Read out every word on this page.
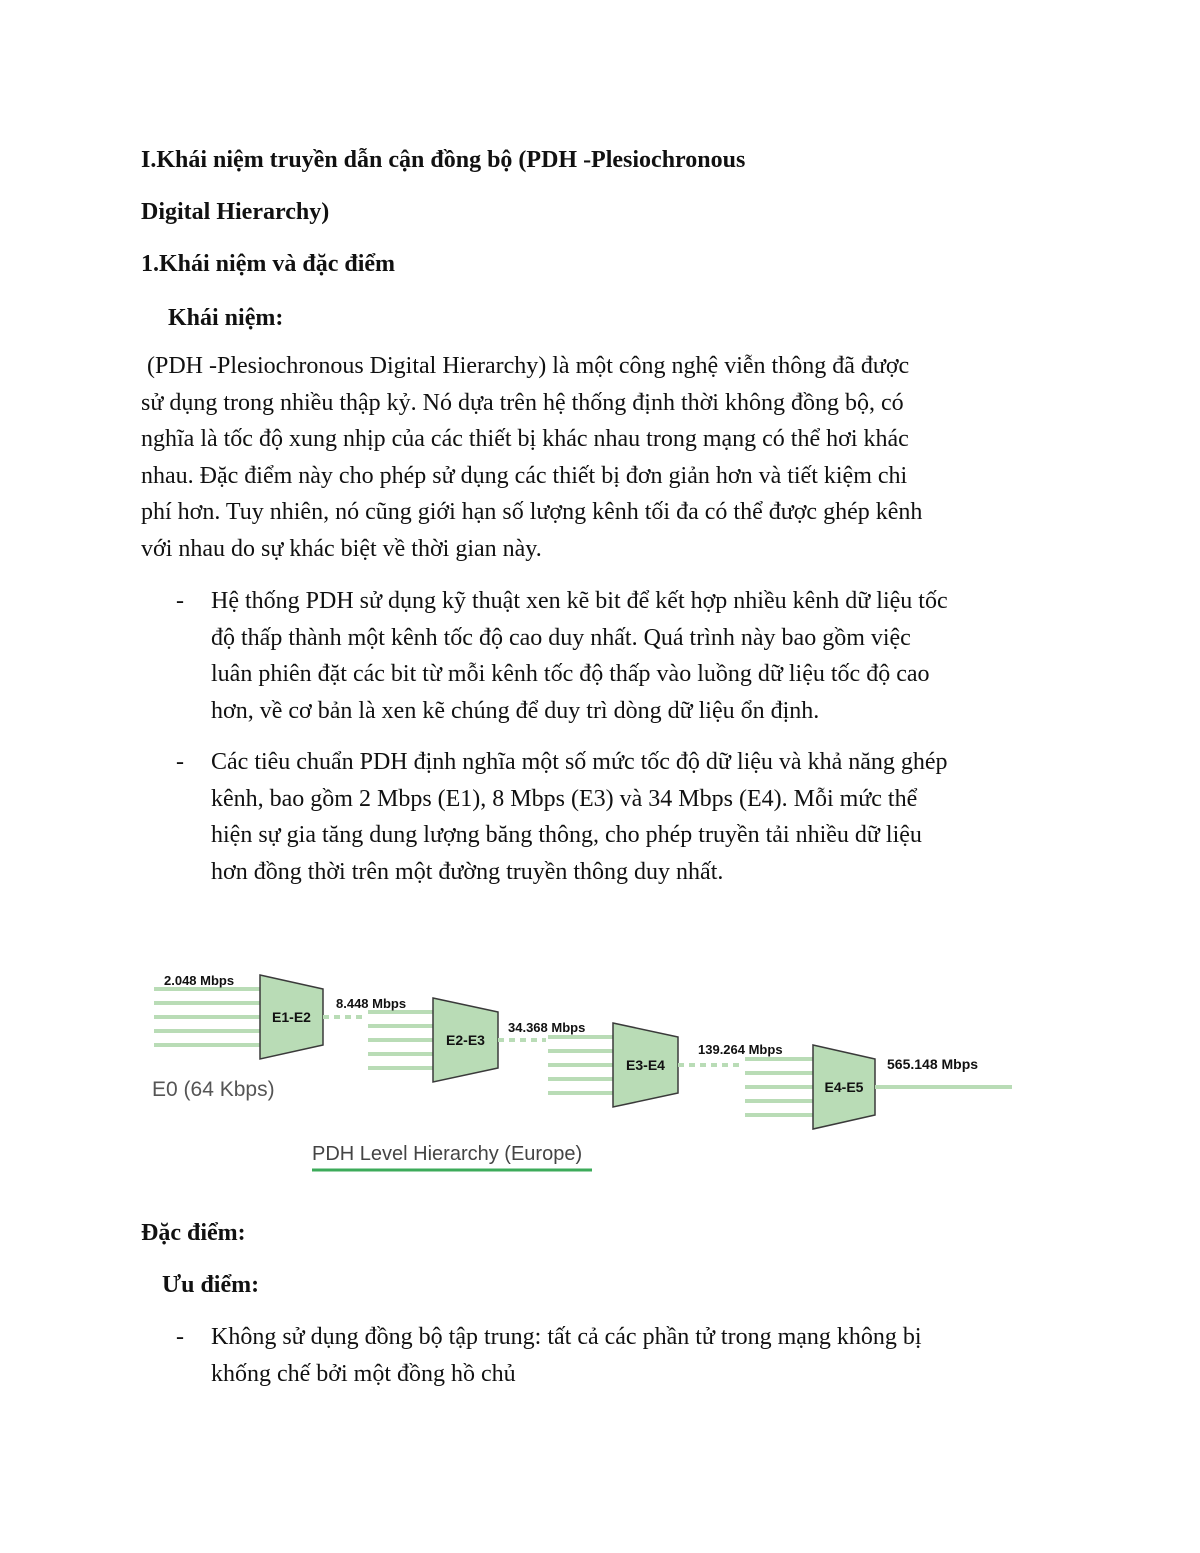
I.Khái niệm truyền dẫn cận đồng bộ (PDH -Plesiochronous
Digital Hierarchy)
1.Khái niệm và đặc điểm
Khái niệm:
(PDH -Plesiochronous Digital Hierarchy) là một công nghệ viễn thông đã được
sử dụng trong nhiều thập kỷ. Nó dựa trên hệ thống định thời không đồng bộ, có
nghĩa là tốc độ xung nhịp của các thiết bị khác nhau trong mạng có thể hơi khác
nhau. Đặc điểm này cho phép sử dụng các thiết bị đơn giản hơn và tiết kiệm chi
phí hơn. Tuy nhiên, nó cũng giới hạn số lượng kênh tối đa có thể được ghép kênh
với nhau do sự khác biệt về thời gian này.
- Hệ thống PDH sử dụng kỹ thuật xen kẽ bit để kết hợp nhiều kênh dữ liệu tốc
độ thấp thành một kênh tốc độ cao duy nhất. Quá trình này bao gồm việc
luân phiên đặt các bit từ mỗi kênh tốc độ thấp vào luồng dữ liệu tốc độ cao
hơn, về cơ bản là xen kẽ chúng để duy trì dòng dữ liệu ổn định.
- Các tiêu chuẩn PDH định nghĩa một số mức tốc độ dữ liệu và khả năng ghép
kênh, bao gồm 2 Mbps (E1), 8 Mbps (E3) và 34 Mbps (E4). Mỗi mức thể
hiện sự gia tăng dung lượng băng thông, cho phép truyền tải nhiều dữ liệu
hơn đồng thời trên một đường truyền thông duy nhất.
E1-E2
2.048 Mbps
E2-E3
8.448 Mbps
E3-E4
34.368 Mbps
E4-E5
139.264 Mbps
565.148 Mbps
E0 (64 Kbps)
PDH Level Hierarchy (Europe)
Đặc điểm:
Ưu điểm:
- Không sử dụng đồng bộ tập trung: tất cả các phần tử trong mạng không bị
khống chế bởi một đồng hồ chủ
